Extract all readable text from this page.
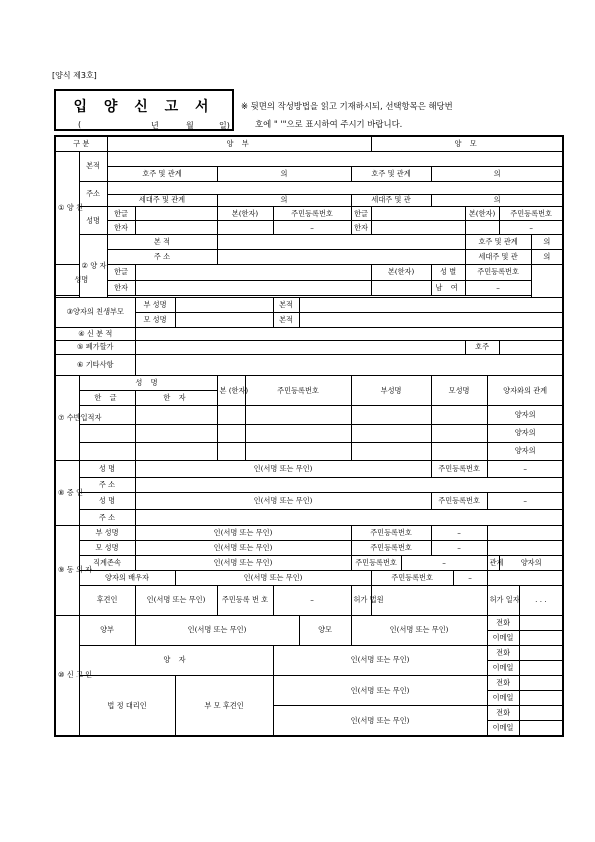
[양식 제3호]
입 양 신 고 서
(	년	월	일)
※ 뒷면의 작성방법을 읽고 기재하시되, 선택항목은 해당번
호에 " '"으로 표시하여 주시기 바랍니다.
구 분		양 부								양 모								
① 양 친	본적																	
		호주 및 관계			의				호주 및 관계			의						
	주소																	
		세대주 및 관계			의				세대주 및 관			의						
	성명	한글			본(한자)		주민등록번호		한글					본(한자)		주민등록번호		
		한자					–		한자							–		
	② 양 자	본 적												호주 및 관계				의
		주 소												세대주 및 관				의
성명		한글								본(한자)		성 별		주민등록번호				
		한자										남 여		–				

③양자의 친생부모			부 성명				본적											
			모 성명				본적											
④ 신 분 적																		
⑤ 폐가할가														호주				
⑥ 기타사항																		
⑦ 수반입적자	성 명				본 (한자)	주민등록번호			부성명			모성명			양자와의 관계			
	한 글		한 자															
															양자의			
															양자의			
															양자의			
⑧ 증 인	성 명		인(서명 또는 무인)									주민등록번호			–			
	주 소																	
	성 명		인(서명 또는 무인)									주민등록번호			–			
	주 소																	
⑨ 동 의 자	부 성명		인(서명 또는 무인)						주민등록번호			–						
	모 성명		인(서명 또는 무인)						주민등록번호			–						
	직계존속		인(서명 또는 무인)						주민등록번호		–				관계	양자의		
	양자의 배우자			인(서명 또는 무인)						주민등록번호			–					
	후견인		인(서명 또는 무인)		주민등록 번 호		–		허가 법원						허가 일자		. . .	
⑩ 신 고 인	양부		인(서명 또는 무인)					양모	인(서명 또는 무인)						전화			
															이메일			
	양 자						인(서명 또는 무인)								전화			
															이메일			
	법 정 대리인			부 모 후견인			인(서명 또는 무인)								전화			
															이메일			
							인(서명 또는 무인)								전화			
															이메일			
